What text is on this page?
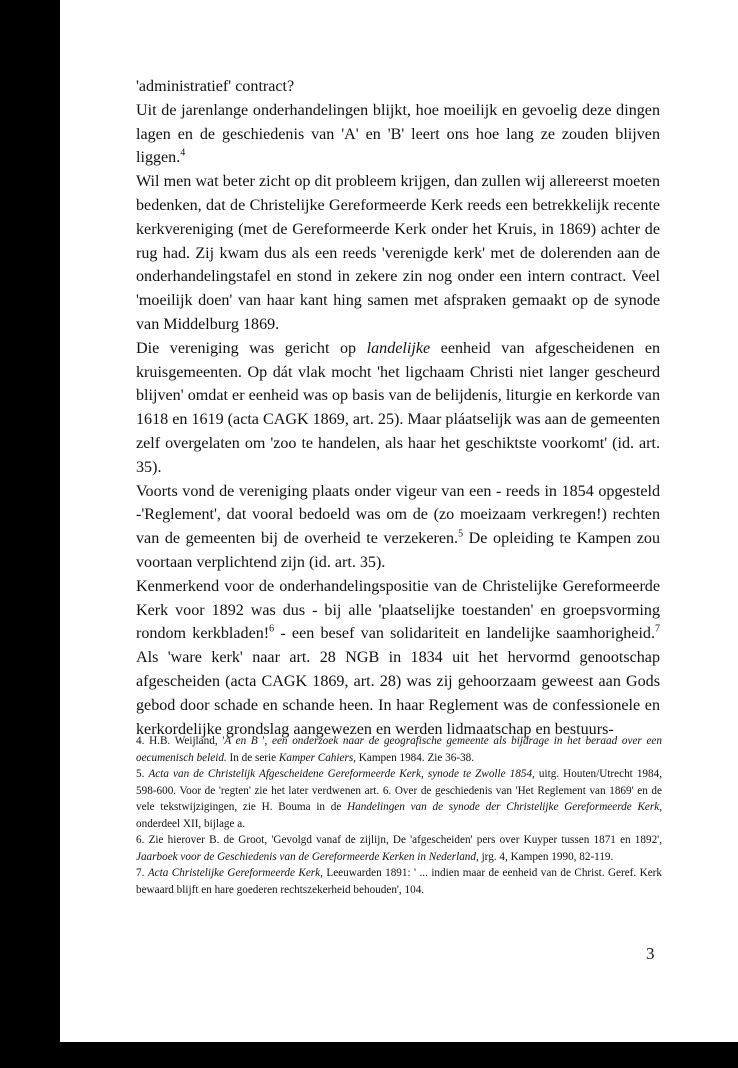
'administratief' contract?

Uit de jarenlange onderhandelingen blijkt, hoe moeilijk en gevoelig deze dingen lagen en de geschiedenis van 'A' en 'B' leert ons hoe lang ze zouden blijven liggen.$^4$

Wil men wat beter zicht op dit probleem krijgen, dan zullen wij allereerst moeten bedenken, dat de Christelijke Gereformeerde Kerk reeds een betrekkelijk recente kerkvereniging (met de Gereformeerde Kerk onder het Kruis, in 1869) achter de rug had. Zij kwam dus als een reeds 'verenigde kerk' met de dolerenden aan de onderhandelingstafel en stond in zekere zin nog onder een intern contract. Veel 'moeilijk doen' van haar kant hing samen met afspraken gemaakt op de synode van Middelburg 1869.

Die vereniging was gericht op landelijke eenheid van afgescheidenen en kruisgemeenten. Op dát vlak mocht 'het ligchaam Christi niet langer gescheurd blijven' omdat er eenheid was op basis van de belijdenis, liturgie en kerkorde van 1618 en 1619 (acta CAGK 1869, art. 25). Maar pláatselijk was aan de gemeenten zelf overgelaten om 'zoo te handelen, als haar het geschiktste voorkomt' (id. art. 35).

Voorts vond de vereniging plaats onder vigeur van een - reeds in 1854 opgesteld -'Reglement', dat vooral bedoeld was om de (zo moeizaam verkregen!) rechten van de gemeenten bij de overheid te verzekeren.$^5$ De opleiding te Kampen zou voortaan verplichtend zijn (id. art. 35).

Kenmerkend voor de onderhandelingspositie van de Christelijke Gereformeerde Kerk voor 1892 was dus - bij alle 'plaatselijke toestanden' en groepsvorming rondom kerkbladen!$^6$ - een besef van solidariteit en landelijke saamhorigheid.$^7$ Als 'ware kerk' naar art. 28 NGB in 1834 uit het hervormd genootschap afgescheiden (acta CAGK 1869, art. 28) was zij gehoorzaam geweest aan Gods gebod door schade en schande heen. In haar Reglement was de confessionele en kerkordelijke grondslag aangewezen en werden lidmaatschap en bestuurs-

4. H.B. Weijland, 'A en B ', een onderzoek naar de geografische gemeente als bijdrage in het beraad over een oecumenisch beleid. In de serie Kamper Cahiers, Kampen 1984. Zie 36-38.

5. Acta van de Christelijk Afgescheidene Gereformeerde Kerk, synode te Zwolle 1854, uitg. Houten/Utrecht 1984, 598-600. Voor de 'regten' zie het later verdwenen art. 6. Over de geschiedenis van 'Het Reglement van 1869' en de vele tekstwijzigingen, zie H. Bouma in de Handelingen van de synode der Christelijke Gereformeerde Kerk, onderdeel XII, bijlage a.

6. Zie hierover B. de Groot, 'Gevolgd vanaf de zijlijn, De 'afgescheiden' pers over Kuyper tussen 1871 en 1892', Jaarboek voor de Geschiedenis van de Gereformeerde Kerken in Nederland, jrg. 4, Kampen 1990, 82-119.

7. Acta Christelijke Gereformeerde Kerk, Leeuwarden 1891: ' ... indien maar de eenheid van de Christ. Geref. Kerk bewaard blijft en hare goederen rechtszekerheid behouden', 104.

3
